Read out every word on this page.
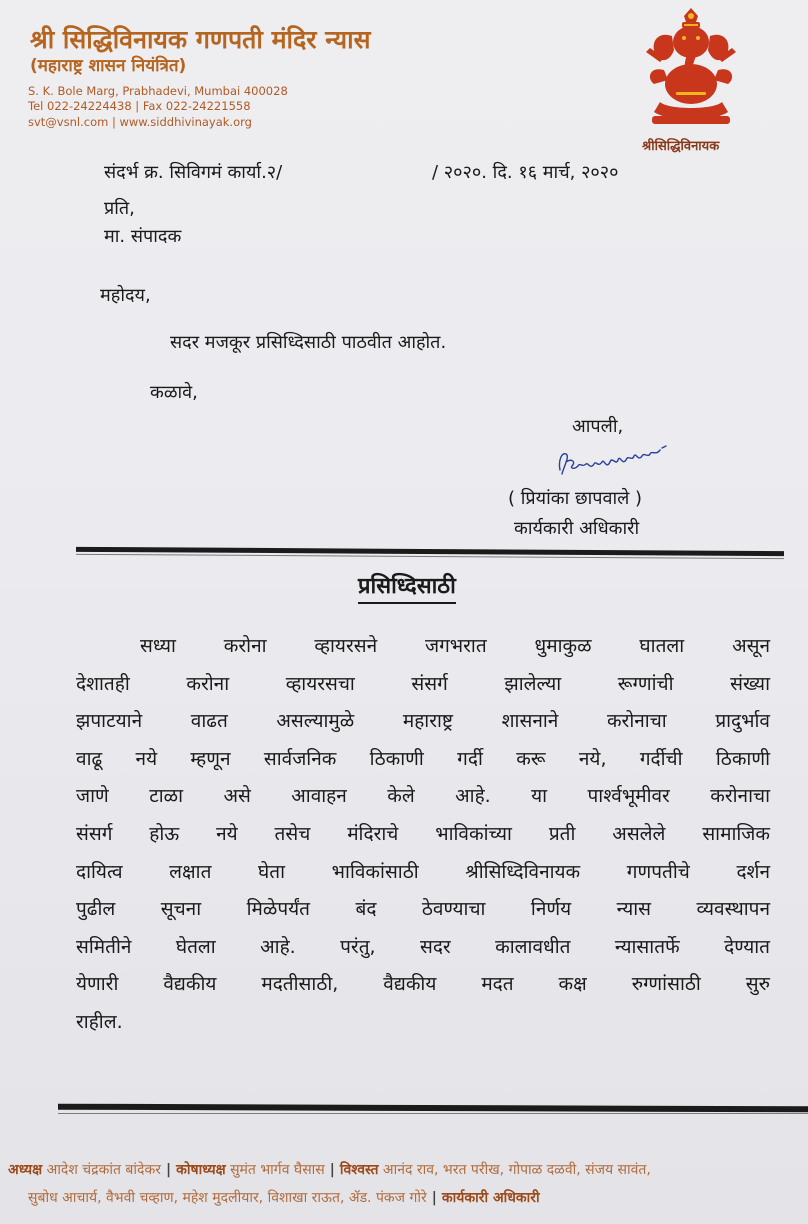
श्री सिद्धिविनायक गणपती मंदिर न्यास
(महाराष्ट्र शासन नियंत्रित)
S. K. Bole Marg, Prabhadevi, Mumbai 400028
Tel 022-24224438 | Fax 022-24221558
svt@vsnl.com | www.siddhivinayak.org
श्रीसिद्धिविनायक
संदर्भ क्र. सिविगमं कार्या.२/	/ २०२०. दि. १६ मार्च, २०२०
प्रति,
मा. संपादक
महोदय,
सदर मजकूर प्रसिध्दिसाठी पाठवीत आहोत.
कळावे,
आपली,
( प्रियांका छापवाले )
कार्यकारी अधिकारी
प्रसिध्दिसाठी
सध्या करोना व्हायरसने जगभरात धुमाकुळ घातला असून
देशातही करोना व्हायरसचा संसर्ग झालेल्या रूग्णांची संख्या
झपाटयाने वाढत असल्यामुळे महाराष्ट्र शासनाने करोनाचा प्रादुर्भाव
वाढू नये म्हणून सार्वजनिक ठिकाणी गर्दी करू नये, गर्दीची ठिकाणी
जाणे टाळा असे आवाहन केले आहे. या पार्श्वभूमीवर करोनाचा
संसर्ग होऊ नये तसेच मंदिराचे भाविकांच्या प्रती असलेले सामाजिक
दायित्व लक्षात घेता भाविकांसाठी श्रीसिध्दिविनायक गणपतीचे दर्शन
पुढील सूचना मिळेपर्यंत बंद ठेवण्याचा निर्णय न्यास व्यवस्थापन
समितीने घेतला आहे. परंतु, सदर कालावधीत न्यासातर्फे देण्यात
येणारी वैद्यकीय मदतीसाठी, वैद्यकीय मदत कक्ष रुग्णांसाठी सुरु
राहील.
अध्यक्ष आदेश चंद्रकांत बांदेकर | कोषाध्यक्ष सुमंत भार्गव घैसास | विश्वस्त आनंद राव, भरत परीख, गोपाळ दळवी, संजय सावंत,
सुबोध आचार्य, वैभवी चव्हाण, महेश मुदलीयार, विशाखा राऊत, ॲड. पंकज गोरे | कार्यकारी अधिकारी
